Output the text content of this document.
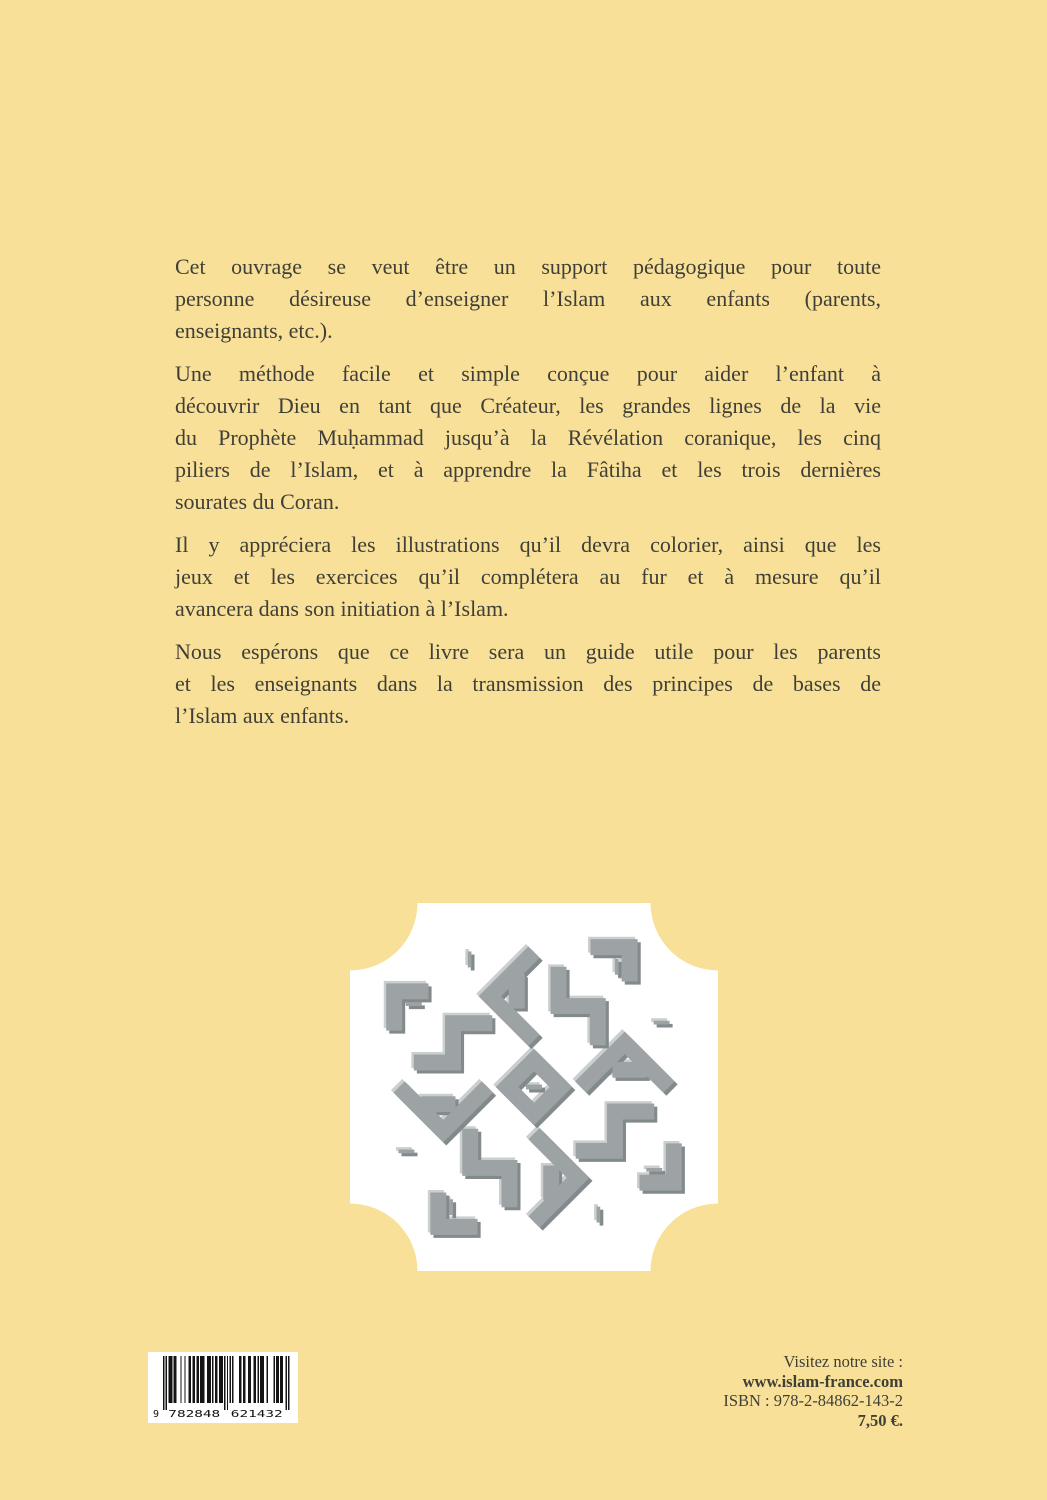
Cet ouvrage se veut être un support pédagogique pour toute
personne désireuse d’enseigner l’Islam aux enfants (parents,
enseignants, etc.).

Une méthode facile et simple conçue pour aider l’enfant à
découvrir Dieu en tant que Créateur, les grandes lignes de la vie
du Prophète Muḥammad jusqu’à la Révélation coranique, les cinq
piliers de l’Islam, et à apprendre la Fâtiha et les trois dernières
sourates du Coran.

Il y appréciera les illustrations qu’il devra colorier, ainsi que les
jeux et les exercices qu’il complétera au fur et à mesure qu’il
avancera dans son initiation à l’Islam.

Nous espérons que ce livre sera un guide utile pour les parents
et les enseignants dans la transmission des principes de bases de
l’Islam aux enfants.

9 782848 621432
Visitez notre site :
www.islam-france.com
ISBN : 978-2-84862-143-2
7,50 €.
